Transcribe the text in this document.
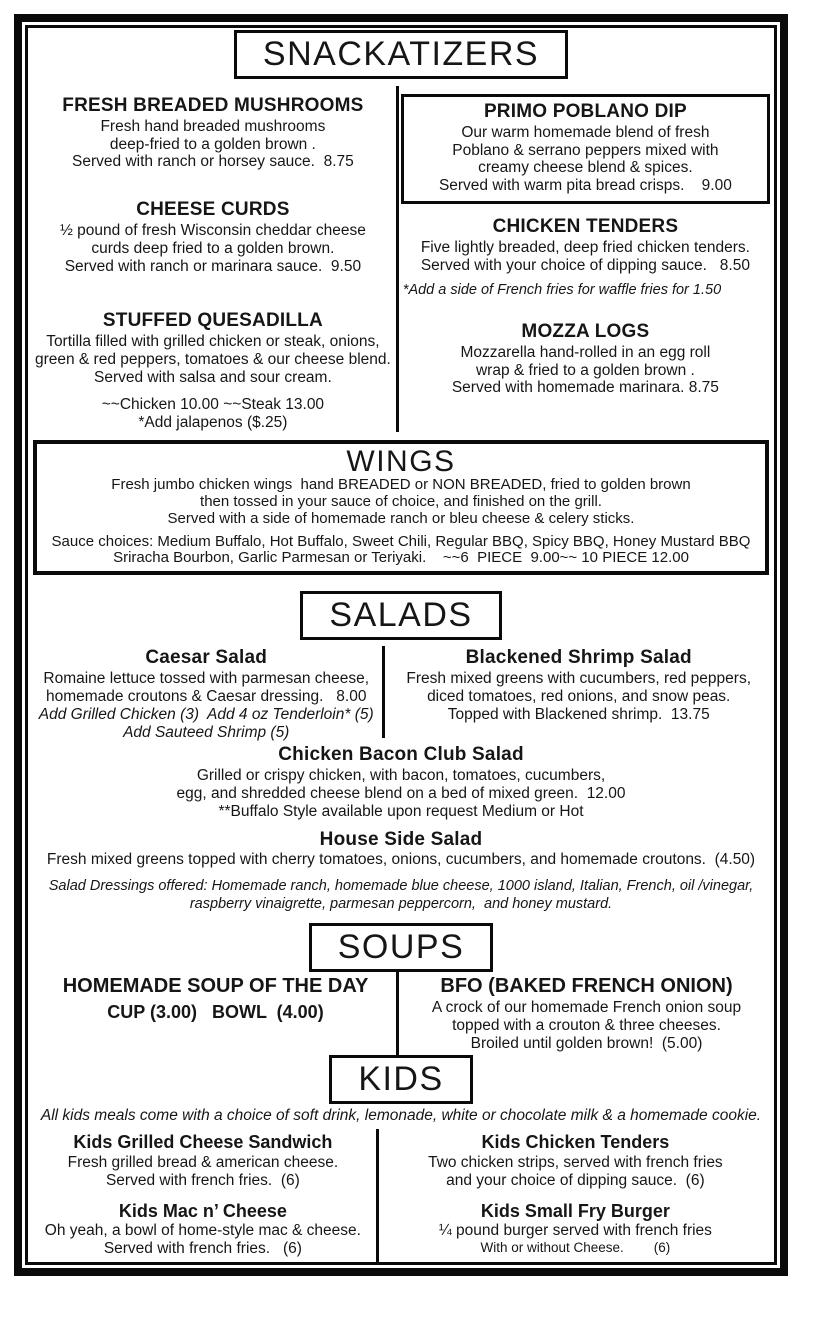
SNACKATIZERS
FRESH BREADED MUSHROOMS
Fresh hand breaded mushrooms
deep-fried to a golden brown .
Served with ranch or horsey sauce.  8.75
CHEESE CURDS
½ pound of fresh Wisconsin cheddar cheese
curds deep fried to a golden brown.
Served with ranch or marinara sauce.  9.50
STUFFED QUESADILLA
Tortilla filled with grilled chicken or steak, onions,
green & red peppers, tomatoes & our cheese blend.
Served with salsa and sour cream.
~~Chicken 10.00 ~~Steak 13.00
*Add jalapenos ($.25)
PRIMO POBLANO DIP
Our warm homemade blend of fresh
Poblano & serrano peppers mixed with
creamy cheese blend & spices.
Served with warm pita bread crisps.    9.00
CHICKEN TENDERS
Five lightly breaded, deep fried chicken tenders.
Served with your choice of dipping sauce.   8.50
*Add a side of French fries for waffle fries for 1.50
MOZZA LOGS
Mozzarella hand-rolled in an egg roll
wrap & fried to a golden brown .
Served with homemade marinara. 8.75
WINGS
Fresh jumbo chicken wings  hand BREADED or NON BREADED, fried to golden brown
then tossed in your sauce of choice, and finished on the grill.
Served with a side of homemade ranch or bleu cheese & celery sticks.
Sauce choices: Medium Buffalo, Hot Buffalo, Sweet Chili, Regular BBQ, Spicy BBQ, Honey Mustard BBQ
Sriracha Bourbon, Garlic Parmesan or Teriyaki.    ~~6  PIECE  9.00~~ 10 PIECE 12.00
SALADS
Caesar Salad
Romaine lettuce tossed with parmesan cheese,
homemade croutons & Caesar dressing.   8.00
Add Grilled Chicken (3)  Add 4 oz Tenderloin* (5)
Add Sauteed Shrimp (5)
Blackened Shrimp Salad
Fresh mixed greens with cucumbers, red peppers,
diced tomatoes, red onions, and snow peas.
Topped with Blackened shrimp.  13.75
Chicken Bacon Club Salad
Grilled or crispy chicken, with bacon, tomatoes, cucumbers,
egg, and shredded cheese blend on a bed of mixed green.  12.00
**Buffalo Style available upon request Medium or Hot
House Side Salad
Fresh mixed greens topped with cherry tomatoes, onions, cucumbers, and homemade croutons.  (4.50)
Salad Dressings offered: Homemade ranch, homemade blue cheese, 1000 island, Italian, French, oil /vinegar,
raspberry vinaigrette, parmesan peppercorn,  and honey mustard.
SOUPS
HOMEMADE SOUP OF THE DAY
CUP (3.00)   BOWL  (4.00)
BFO (BAKED FRENCH ONION)
A crock of our homemade French onion soup
topped with a crouton & three cheeses.
Broiled until golden brown!  (5.00)
KIDS
All kids meals come with a choice of soft drink, lemonade, white or chocolate milk & a homemade cookie.
Kids Grilled Cheese Sandwich
Fresh grilled bread & american cheese.
Served with french fries.  (6)
Kids Mac n’ Cheese
Oh yeah, a bowl of home-style mac & cheese.
Served with french fries.   (6)
Kids Chicken Tenders
Two chicken strips, served with french fries
and your choice of dipping sauce.  (6)
Kids Small Fry Burger
¼ pound burger served with french fries
With or without Cheese.        (6)
